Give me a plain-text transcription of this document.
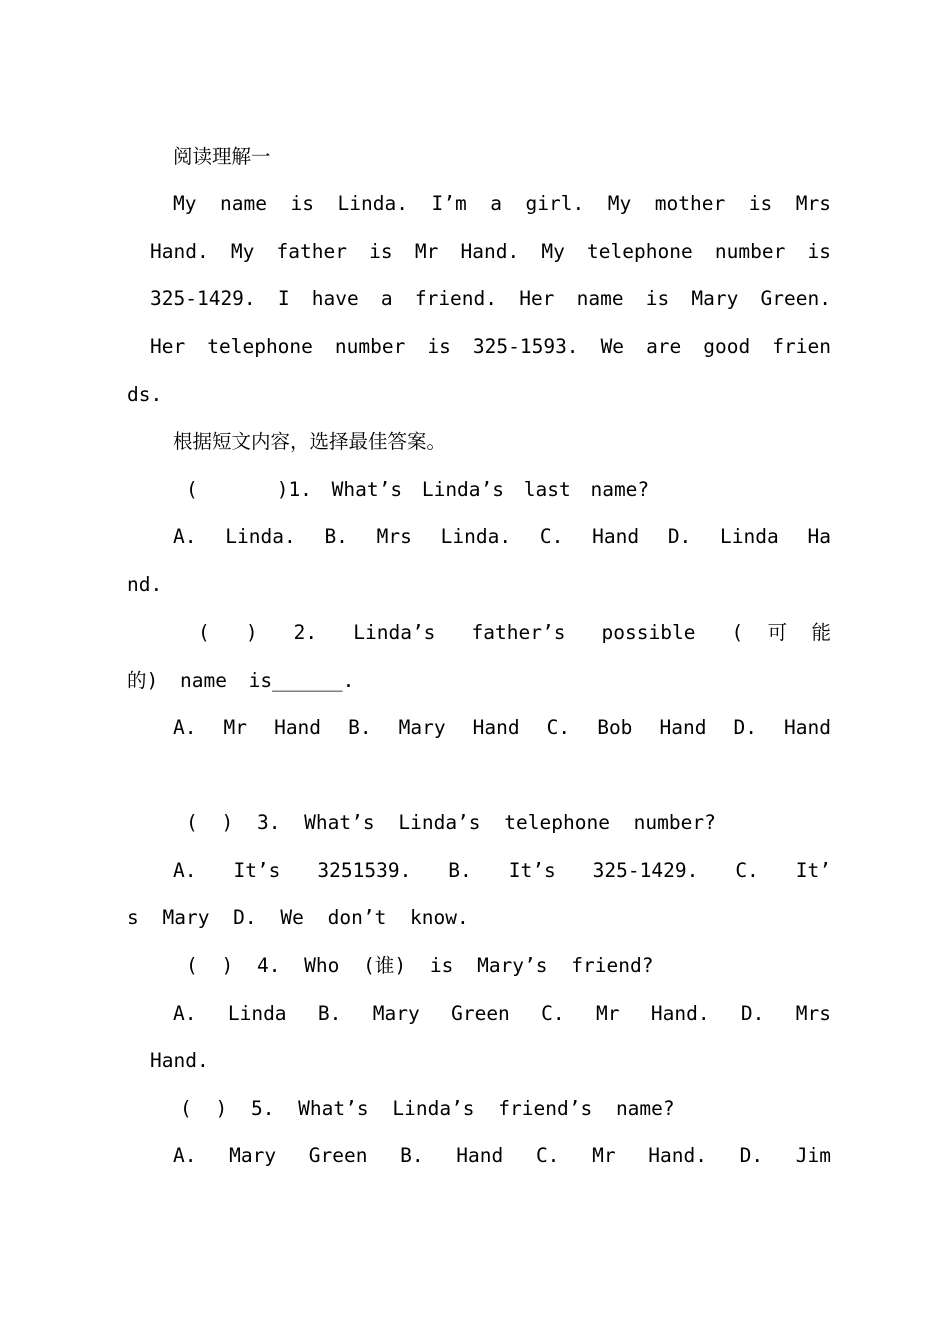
阅读理解一
My name is Linda. I’m a girl. My mother is Mrs
Hand. My father is Mr Hand. My telephone number is
325-1429. I have a friend. Her name is Mary Green.
Her telephone number is 325-1593. We are good frien
ds.
根据短文内容，选择最佳答案。
(    )1. What’s Linda’s last name?
A. Linda. B. Mrs Linda. C. Hand D. Linda Ha
nd.
( ) 2. Linda’s father’s possible (可能
的) name is______.
A. Mr Hand B. Mary Hand C. Bob Hand D. Hand
( ) 3. What’s Linda’s telephone number?
A. It’s 3251539. B. It’s 325-1429. C. It’
s Mary D. We don’t know.
( ) 4. Who (谁) is Mary’s friend?
A. Linda B. Mary Green C. Mr Hand. D. Mrs
Hand.
( ) 5. What’s Linda’s friend’s name?
A. Mary Green B. Hand C. Mr Hand. D. Jim
